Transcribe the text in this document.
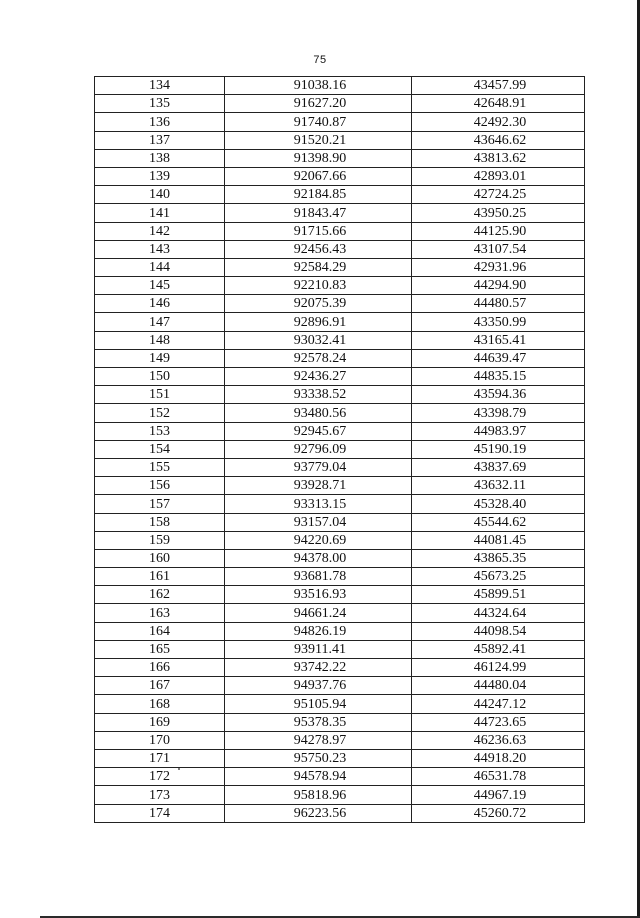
75
134	91038.16	43457.99
135	91627.20	42648.91
136	91740.87	42492.30
137	91520.21	43646.62
138	91398.90	43813.62
139	92067.66	42893.01
140	92184.85	42724.25
141	91843.47	43950.25
142	91715.66	44125.90
143	92456.43	43107.54
144	92584.29	42931.96
145	92210.83	44294.90
146	92075.39	44480.57
147	92896.91	43350.99
148	93032.41	43165.41
149	92578.24	44639.47
150	92436.27	44835.15
151	93338.52	43594.36
152	93480.56	43398.79
153	92945.67	44983.97
154	92796.09	45190.19
155	93779.04	43837.69
156	93928.71	43632.11
157	93313.15	45328.40
158	93157.04	45544.62
159	94220.69	44081.45
160	94378.00	43865.35
161	93681.78	45673.25
162	93516.93	45899.51
163	94661.24	44324.64
164	94826.19	44098.54
165	93911.41	45892.41
166	93742.22	46124.99
167	94937.76	44480.04
168	95105.94	44247.12
169	95378.35	44723.65
170	94278.97	46236.63
171	95750.23	44918.20
172	94578.94	46531.78
173	95818.96	44967.19
174	96223.56	45260.72
